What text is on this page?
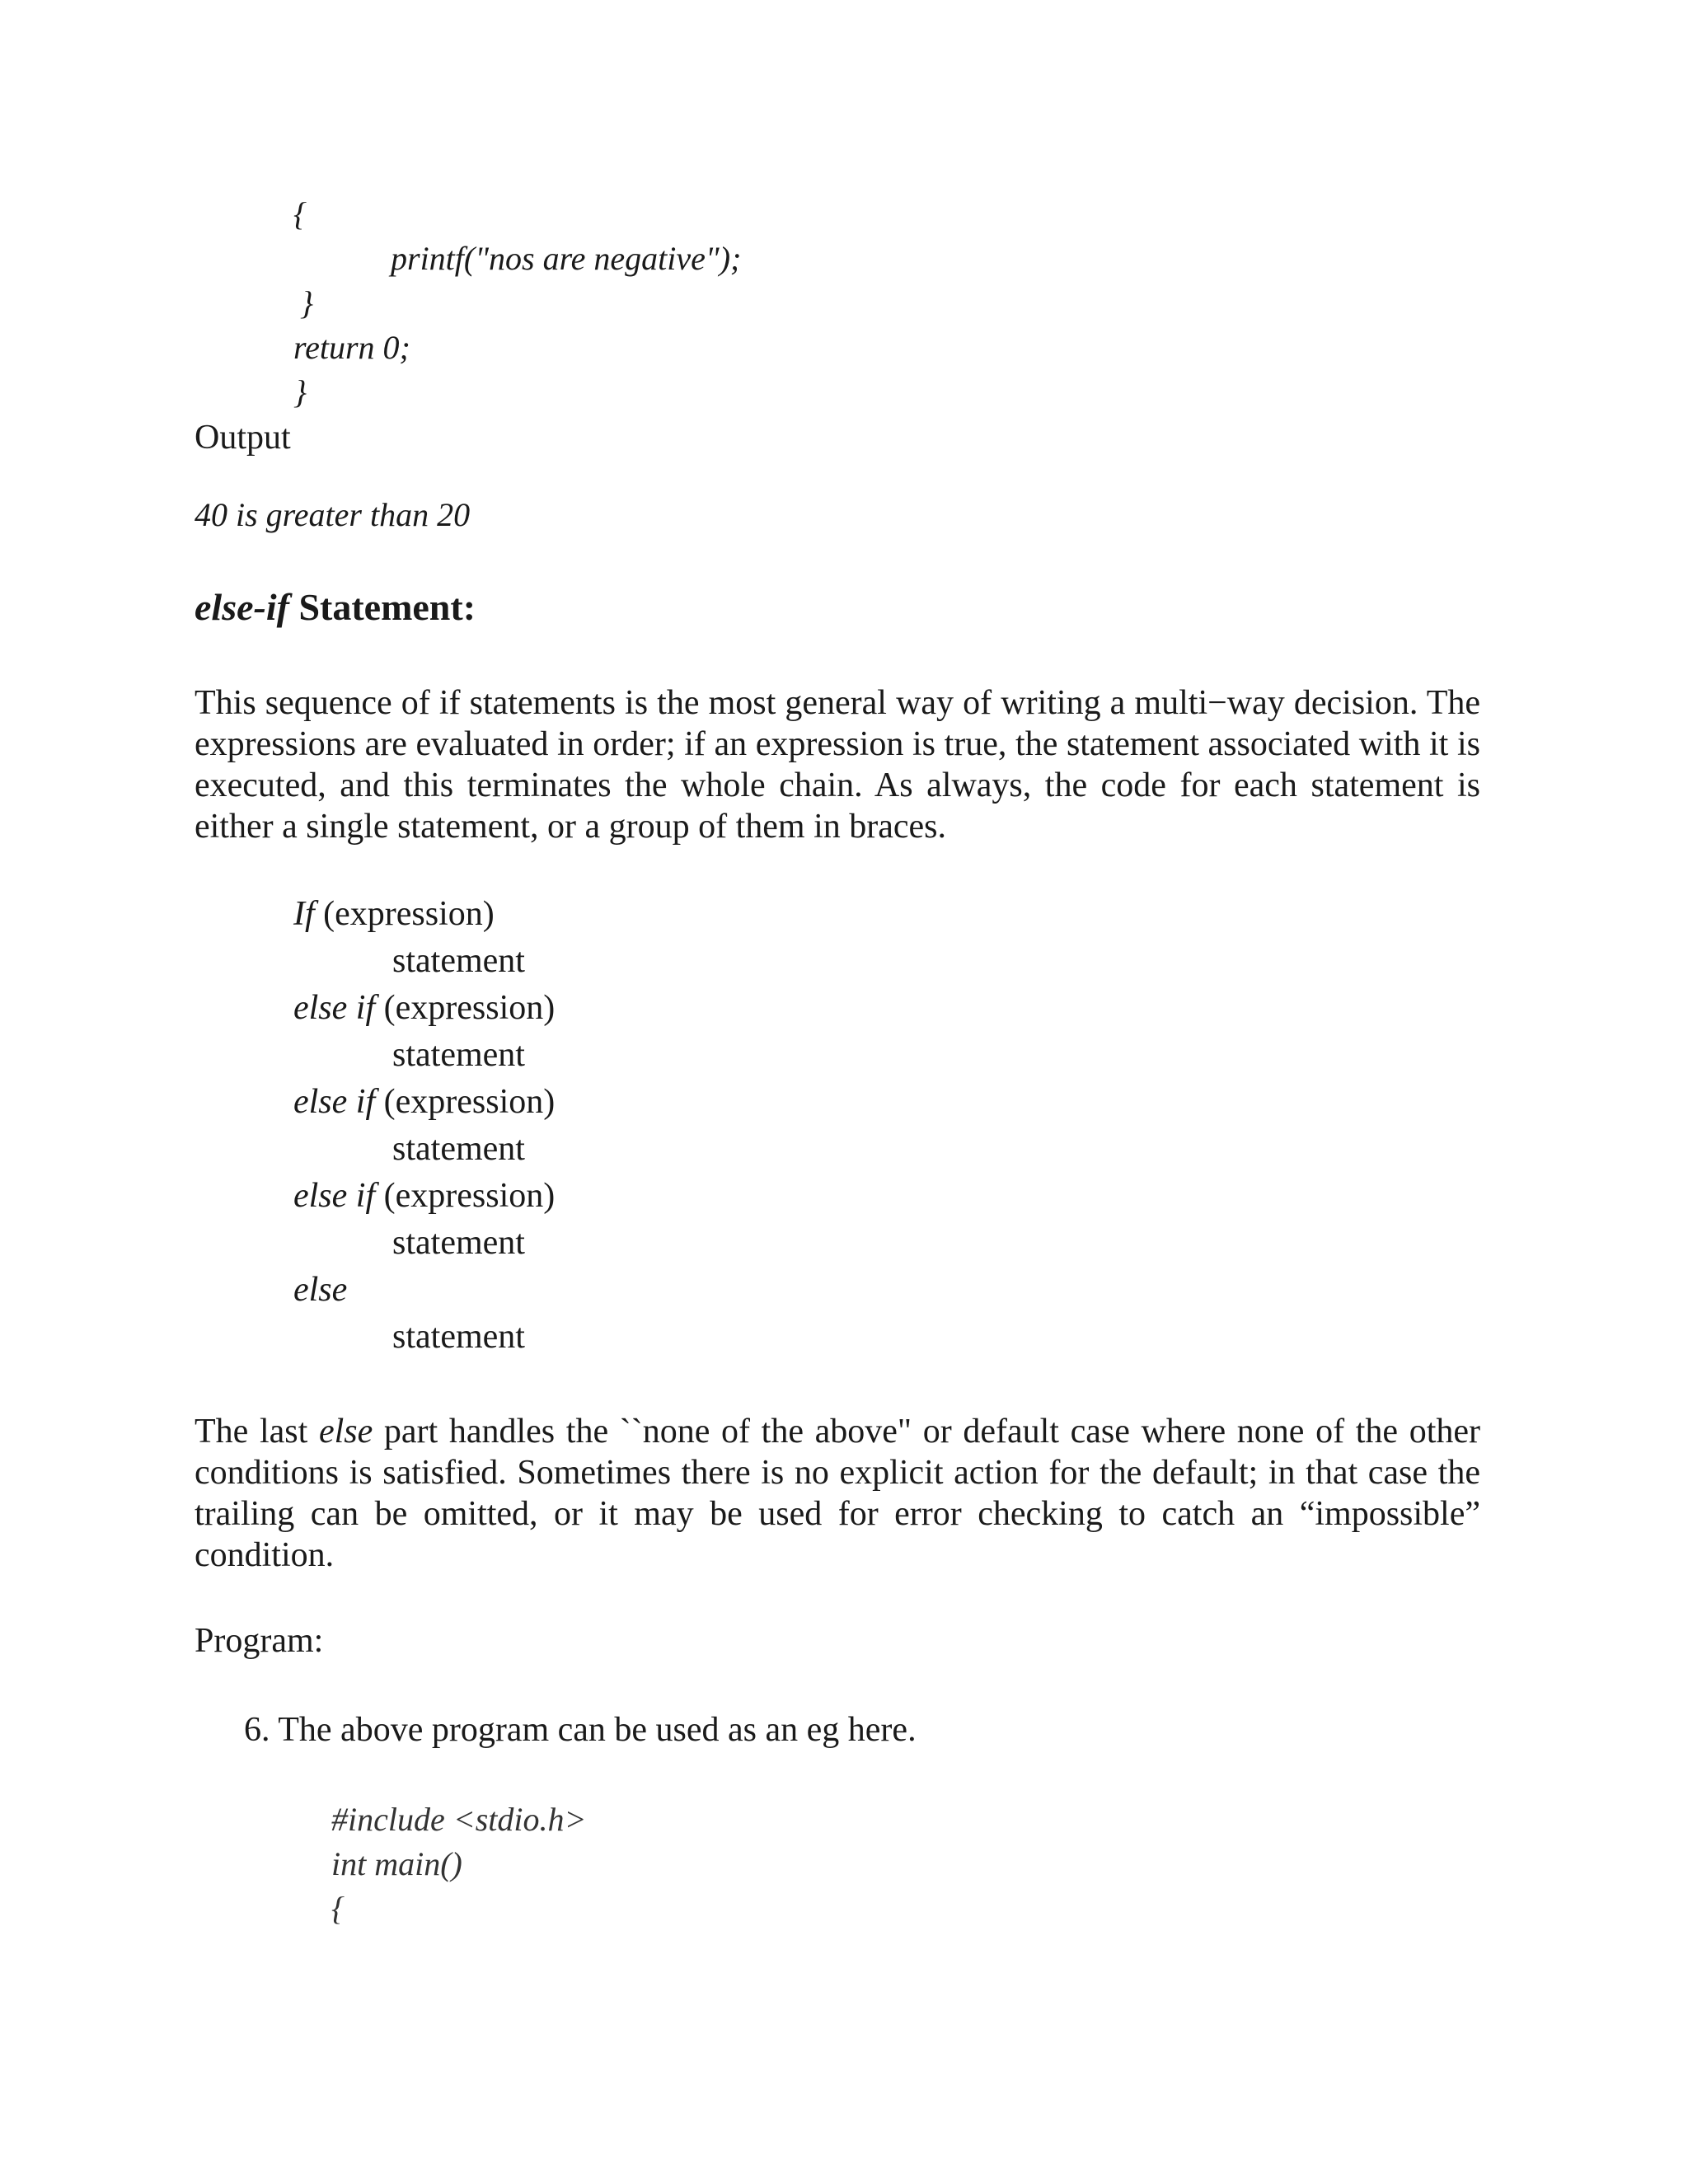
{
printf("nos are negative");
}
return 0;
}
Output
40 is greater than 20
else-if Statement:
This sequence of if statements is the most general way of writing a multi−way decision. The expressions are evaluated in order; if an expression is true, the statement associated with it is executed, and this terminates the whole chain. As always, the code for each statement is either a single statement, or a group of them in braces.
If (expression)
statement
else if (expression)
statement
else if (expression)
statement
else if (expression)
statement
else
statement
The last else part handles the ``none of the above" or default case where none of the other conditions is satisfied. Sometimes there is no explicit action for the default; in that case the trailing can be omitted, or it may be used for error checking to catch an “impossible” condition.
Program:
6. The above program can be used as an eg here.
#include <stdio.h>
int main()
{
